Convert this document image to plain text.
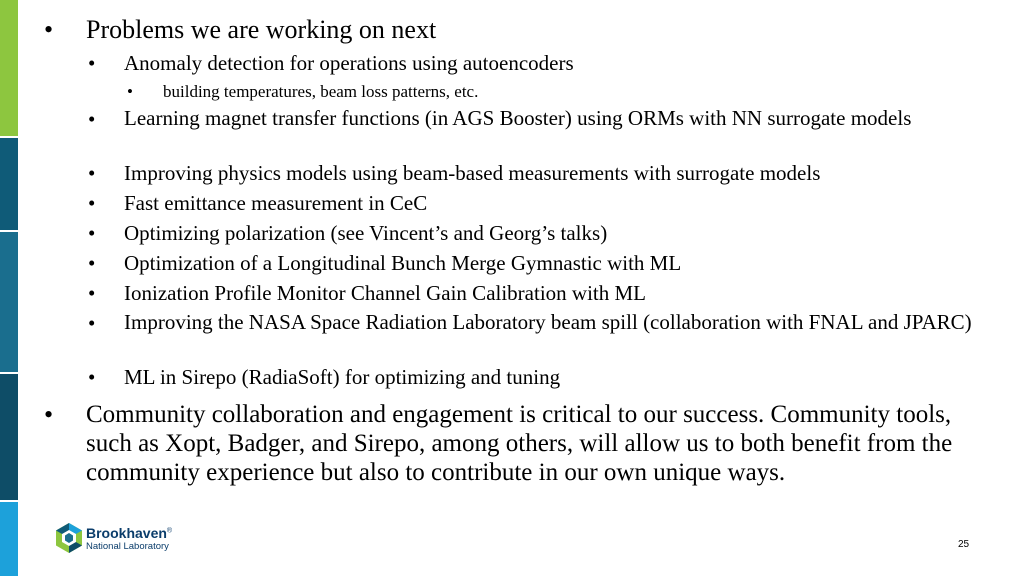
• Problems we are working on next
• Anomaly detection for operations using autoencoders
• building temperatures, beam loss patterns, etc.
• Learning magnet transfer functions (in AGS Booster) using ORMs with NN surrogate models
• Improving physics models using beam-based measurements with surrogate models
• Fast emittance measurement in CeC
• Optimizing polarization (see Vincent’s and Georg’s talks)
• Optimization of a Longitudinal Bunch Merge Gymnastic with ML
• Ionization Profile Monitor Channel Gain Calibration with ML
• Improving the NASA Space Radiation Laboratory beam spill (collaboration with FNAL and JPARC)
• ML in Sirepo (RadiaSoft) for optimizing and tuning
• Community collaboration and engagement is critical to our success. Community tools, such as Xopt, Badger, and Sirepo, among others, will allow us to both benefit from the community experience but also to contribute in our own unique ways.
Brookhaven®
National Laboratory	25
